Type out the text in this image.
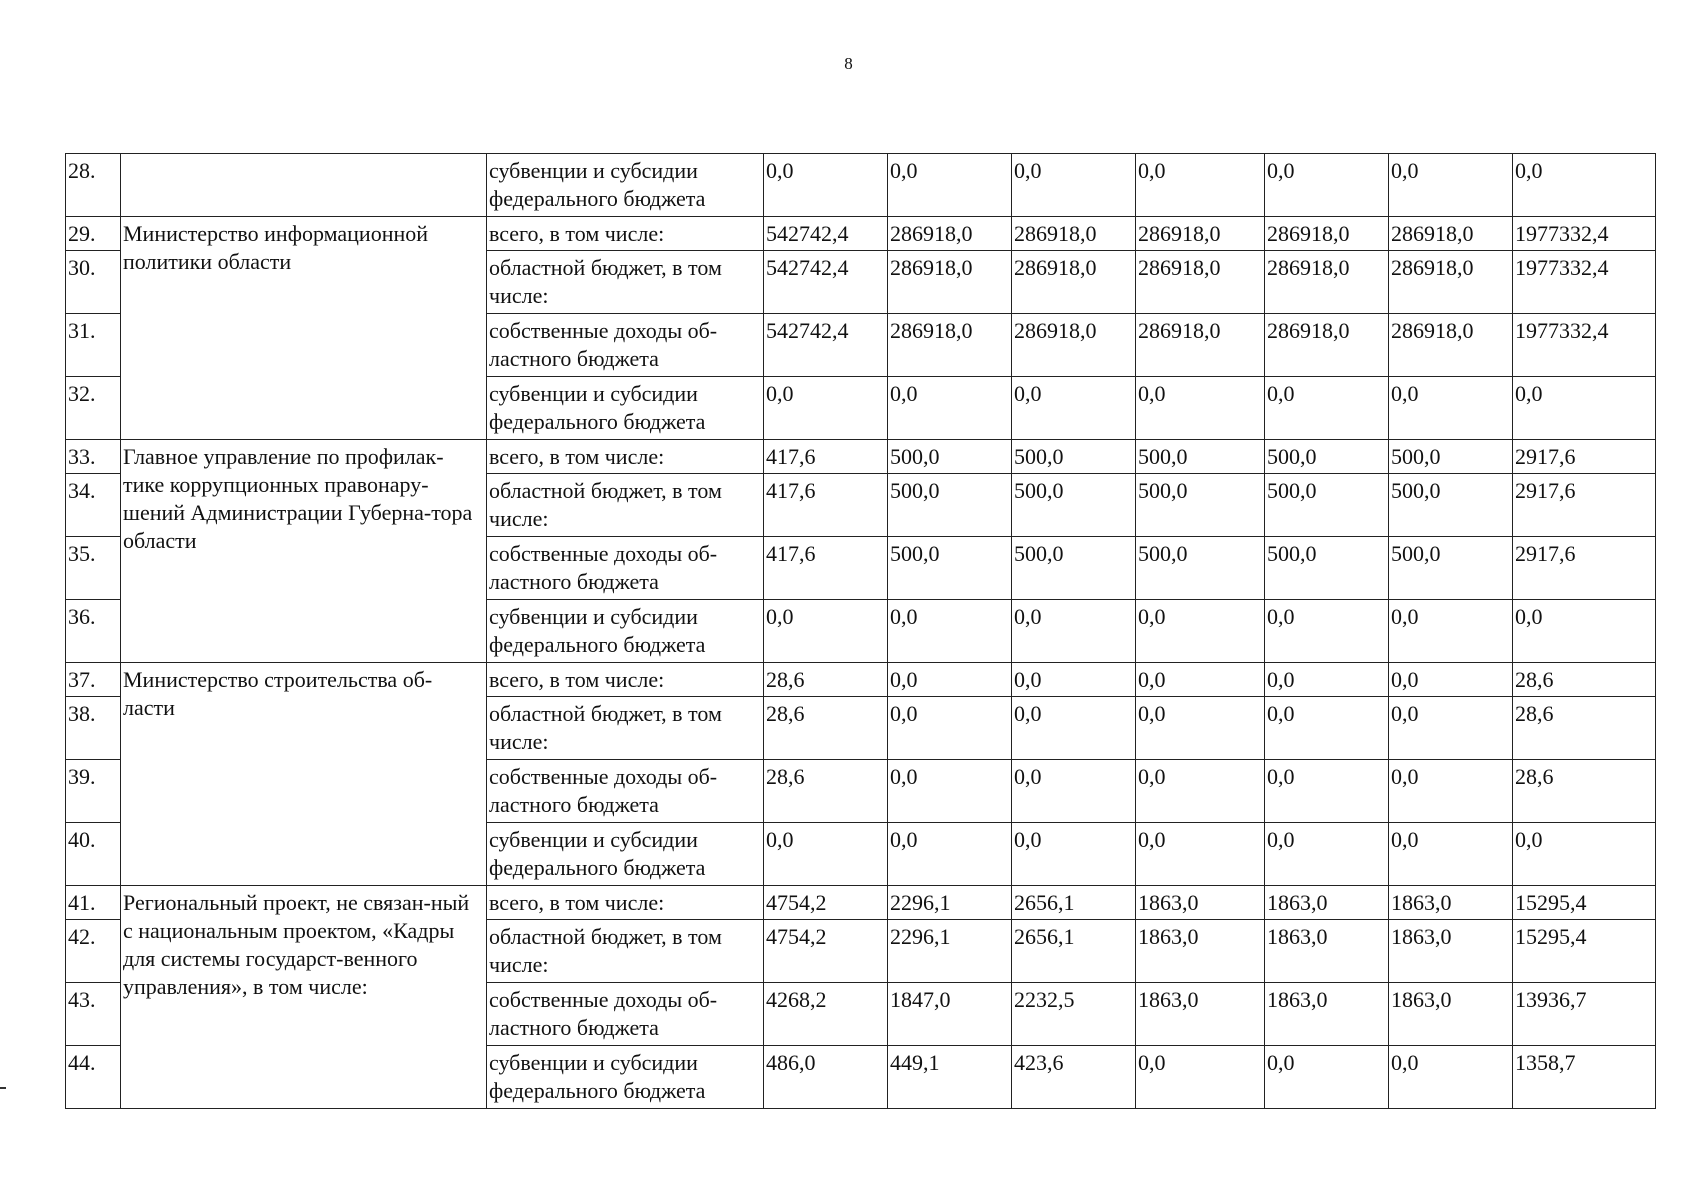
8
28.		субвенции и субсидии федерального бюджета	0,0	0,0	0,0	0,0	0,0	0,0	0,0
29.	Министерство информационной политики области	всего, в том числе:	542742,4	286918,0	286918,0	286918,0	286918,0	286918,0	1977332,4
30.		областной бюджет, в том числе:	542742,4	286918,0	286918,0	286918,0	286918,0	286918,0	1977332,4
31.		собственные доходы об-ластного бюджета	542742,4	286918,0	286918,0	286918,0	286918,0	286918,0	1977332,4
32.		субвенции и субсидии федерального бюджета	0,0	0,0	0,0	0,0	0,0	0,0	0,0
33.	Главное управление по профилак-тике коррупционных правонару-шений Администрации Губерна-тора области	всего, в том числе:	417,6	500,0	500,0	500,0	500,0	500,0	2917,6
34.		областной бюджет, в том числе:	417,6	500,0	500,0	500,0	500,0	500,0	2917,6
35.		собственные доходы об-ластного бюджета	417,6	500,0	500,0	500,0	500,0	500,0	2917,6
36.		субвенции и субсидии федерального бюджета	0,0	0,0	0,0	0,0	0,0	0,0	0,0
37.	Министерство строительства об-ласти	всего, в том числе:	28,6	0,0	0,0	0,0	0,0	0,0	28,6
38.		областной бюджет, в том числе:	28,6	0,0	0,0	0,0	0,0	0,0	28,6
39.		собственные доходы об-ластного бюджета	28,6	0,0	0,0	0,0	0,0	0,0	28,6
40.		субвенции и субсидии федерального бюджета	0,0	0,0	0,0	0,0	0,0	0,0	0,0
41.	Региональный проект, не связан-ный с национальным проектом, «Кадры для системы государст-венного управления», в том числе:	всего, в том числе:	4754,2	2296,1	2656,1	1863,0	1863,0	1863,0	15295,4
42.		областной бюджет, в том числе:	4754,2	2296,1	2656,1	1863,0	1863,0	1863,0	15295,4
43.		собственные доходы об-ластного бюджета	4268,2	1847,0	2232,5	1863,0	1863,0	1863,0	13936,7
44.		субвенции и субсидии федерального бюджета	486,0	449,1	423,6	0,0	0,0	0,0	1358,7
